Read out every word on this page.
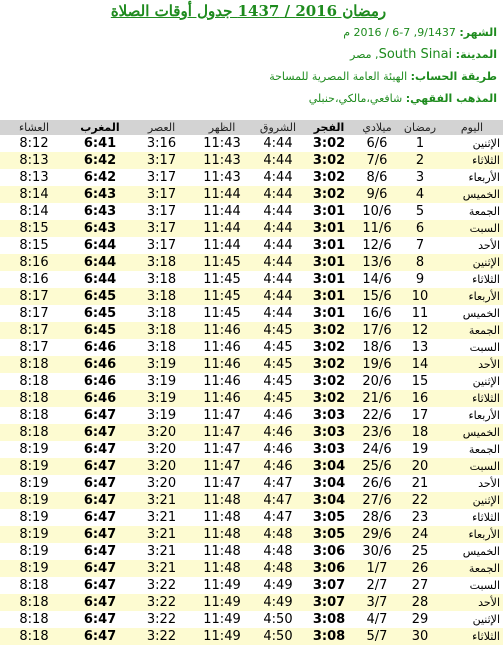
رمضان 2016 / 1437 جدول أوقات الصلاة
الشهر: 9/1437, 7-6 / 2016 م
المدينة: South Sinai, مصر
طريقة الحساب: الهيئة العامة المصرية للمساحة
المذهب الفقهي: شافعي،مالكي،حنبلي
اليوم	رمضان	ميلادي	الفجر	الشروق	الظهر	العصر	المغرب	العشاء
الإثنين	1	6/6	3:02	4:44	11:43	3:16	6:41	8:12
الثلاثاء	2	7/6	3:02	4:44	11:43	3:17	6:42	8:13
الأربعاء	3	8/6	3:02	4:44	11:43	3:17	6:42	8:13
الخميس	4	9/6	3:02	4:44	11:44	3:17	6:43	8:14
الجمعة	5	10/6	3:01	4:44	11:44	3:17	6:43	8:14
السبت	6	11/6	3:01	4:44	11:44	3:17	6:43	8:15
الأحد	7	12/6	3:01	4:44	11:44	3:17	6:44	8:15
الإثنين	8	13/6	3:01	4:44	11:45	3:18	6:44	8:16
الثلاثاء	9	14/6	3:01	4:44	11:45	3:18	6:44	8:16
الأربعاء	10	15/6	3:01	4:44	11:45	3:18	6:45	8:17
الخميس	11	16/6	3:01	4:44	11:45	3:18	6:45	8:17
الجمعة	12	17/6	3:02	4:45	11:46	3:18	6:45	8:17
السبت	13	18/6	3:02	4:45	11:46	3:18	6:46	8:17
الأحد	14	19/6	3:02	4:45	11:46	3:19	6:46	8:18
الإثنين	15	20/6	3:02	4:45	11:46	3:19	6:46	8:18
الثلاثاء	16	21/6	3:02	4:45	11:46	3:19	6:46	8:18
الأربعاء	17	22/6	3:03	4:46	11:47	3:19	6:47	8:18
الخميس	18	23/6	3:03	4:46	11:47	3:20	6:47	8:18
الجمعة	19	24/6	3:03	4:46	11:47	3:20	6:47	8:19
السبت	20	25/6	3:04	4:46	11:47	3:20	6:47	8:19
الأحد	21	26/6	3:04	4:47	11:47	3:20	6:47	8:19
الإثنين	22	27/6	3:04	4:47	11:48	3:21	6:47	8:19
الثلاثاء	23	28/6	3:05	4:47	11:48	3:21	6:47	8:19
الأربعاء	24	29/6	3:05	4:48	11:48	3:21	6:47	8:19
الخميس	25	30/6	3:06	4:48	11:48	3:21	6:47	8:19
الجمعة	26	1/7	3:06	4:48	11:48	3:21	6:47	8:19
السبت	27	2/7	3:07	4:49	11:49	3:22	6:47	8:18
الأحد	28	3/7	3:07	4:49	11:49	3:22	6:47	8:18
الإثنين	29	4/7	3:08	4:50	11:49	3:22	6:47	8:18
الثلاثاء	30	5/7	3:08	4:50	11:49	3:22	6:47	8:18
